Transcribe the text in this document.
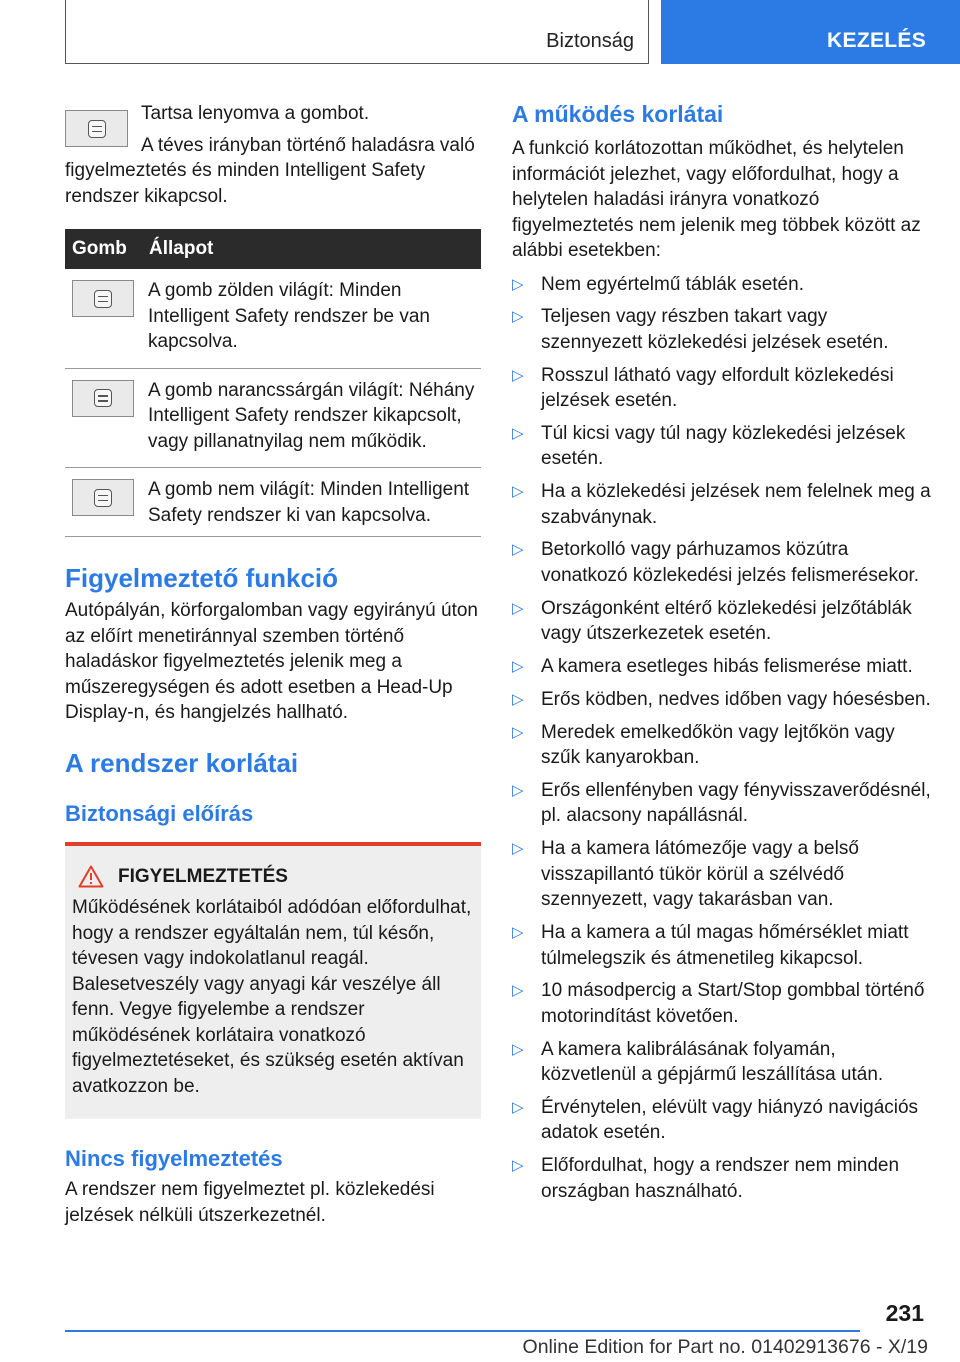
Biztonság	KEZELÉS

Tartsa lenyomva a gombot.

A téves irányban történő haladásra való figyelmeztetés és minden Intelligent Safety rendszer kikapcsol.

Gomb	Állapot

	A gomb zölden világít: Minden Intelligent Safety rendszer be van kapcsolva.

	A gomb narancssárgán világít: Néhány Intelligent Safety rendszer kikapcsolt, vagy pillanatnyilag nem működik.

	A gomb nem világít: Minden Intelligent Safety rendszer ki van kapcsolva.
Figyelmeztető funkció

Autópályán, körforgalomban vagy egyirányú úton az előírt menetiránnyal szemben történő haladáskor figyelmeztetés jelenik meg a műszeregységen és adott esetben a Head-Up Display-n, és hangjelzés hallható.

A rendszer korlátai
Biztonsági előírás
FIGYELMEZTETÉS

Működésének korlátaiból adódóan előfordulhat, hogy a rendszer egyáltalán nem, túl későn, tévesen vagy indokolatlanul reagál. Balesetveszély vagy anyagi kár veszélye áll fenn. Vegye figyelembe a rendszer működésének korlátaira vonatkozó figyelmeztetéseket, és szükség esetén aktívan avatkozzon be.

Nincs figyelmeztetés

A rendszer nem figyelmeztet pl. közlekedési jelzések nélküli útszerkezetnél.

A működés korlátai

A funkció korlátozottan működhet, és helytelen információt jelezhet, vagy előfordulhat, hogy a helytelen haladási irányra vonatkozó figyelmeztetés nem jelenik meg többek között az alábbi esetekben:

▷ Nem egyértelmű táblák esetén.
▷ Teljesen vagy részben takart vagy szennyezett közlekedési jelzések esetén.
▷ Rosszul látható vagy elfordult közlekedési jelzések esetén.
▷ Túl kicsi vagy túl nagy közlekedési jelzések esetén.
▷ Ha a közlekedési jelzések nem felelnek meg a szabványnak.
▷ Betorkolló vagy párhuzamos közútra vonatkozó közlekedési jelzés felismerésekor.
▷ Országonként eltérő közlekedési jelzőtáblák vagy útszerkezetek esetén.
▷ A kamera esetleges hibás felismerése miatt.
▷ Erős ködben, nedves időben vagy hóesésben.
▷ Meredek emelkedőkön vagy lejtőkön vagy szűk kanyarokban.
▷ Erős ellenfényben vagy fényvisszaverődésnél, pl. alacsony napállásnál.
▷ Ha a kamera látómezője vagy a belső visszapillantó tükör körül a szélvédő szennyezett, vagy takarásban van.
▷ Ha a kamera a túl magas hőmérséklet miatt túlmelegszik és átmenetileg kikapcsol.
▷ 10 másodpercig a Start/Stop gombbal történő motorindítást követően.
▷ A kamera kalibrálásának folyamán, közvetlenül a gépjármű leszállítása után.
▷ Érvénytelen, elévült vagy hiányzó navigációs adatok esetén.
▷ Előfordulhat, hogy a rendszer nem minden országban használható.
231
Online Edition for Part no. 01402913676 - X/19
